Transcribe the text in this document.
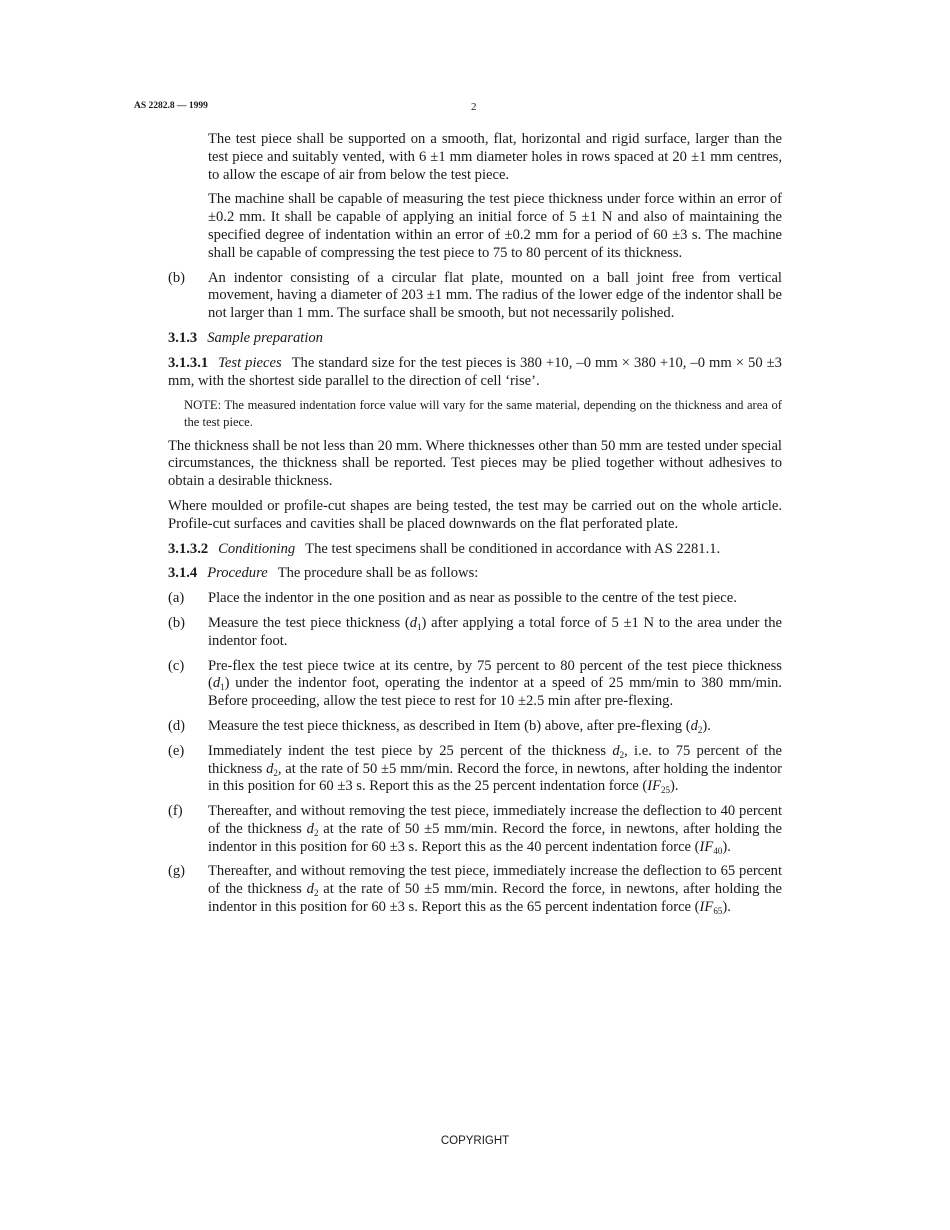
AS 2282.8 — 1999	2

The test piece shall be supported on a smooth, flat, horizontal and rigid surface, larger than the test piece and suitably vented, with 6 ±1 mm diameter holes in rows spaced at 20 ±1 mm centres, to allow the escape of air from below the test piece.

The machine shall be capable of measuring the test piece thickness under force within an error of ±0.2 mm. It shall be capable of applying an initial force of 5 ±1 N and also of maintaining the specified degree of indentation within an error of ±0.2 mm for a period of 60 ±3 s. The machine shall be capable of compressing the test piece to 75 to 80 percent of its thickness.

(b)	An indentor consisting of a circular flat plate, mounted on a ball joint free from vertical movement, having a diameter of 203 ±1 mm. The radius of the lower edge of the indentor shall be not larger than 1 mm. The surface shall be smooth, but not necessarily polished.

3.1.3 Sample preparation

3.1.3.1 Test pieces The standard size for the test pieces is 380 +10, –0 mm × 380 +10, –0 mm × 50 ±3 mm, with the shortest side parallel to the direction of cell ‘rise’.

NOTE: The measured indentation force value will vary for the same material, depending on the thickness and area of the test piece.

The thickness shall be not less than 20 mm. Where thicknesses other than 50 mm are tested under special circumstances, the thickness shall be reported. Test pieces may be plied together without adhesives to obtain a desirable thickness.

Where moulded or profile-cut shapes are being tested, the test may be carried out on the whole article. Profile-cut surfaces and cavities shall be placed downwards on the flat perforated plate.

3.1.3.2 Conditioning The test specimens shall be conditioned in accordance with AS 2281.1.

3.1.4 Procedure The procedure shall be as follows:

(a)	Place the indentor in the one position and as near as possible to the centre of the test piece.
(b)	Measure the test piece thickness $(d_1)$ after applying a total force of 5 ±1 N to the area under the indentor foot.
(c)	Pre-flex the test piece twice at its centre, by 75 percent to 80 percent of the test piece thickness $(d_1)$ under the indentor foot, operating the indentor at a speed of 25 mm/min to 380 mm/min. Before proceeding, allow the test piece to rest for 10 ±2.5 min after pre-flexing.
(d)	Measure the test piece thickness, as described in Item (b) above, after pre-flexing $(d_2)$.
(e)	Immediately indent the test piece by 25 percent of the thickness $d_2$, i.e. to 75 percent of the thickness $d_2$, at the rate of 50 ±5 mm/min. Record the force, in newtons, after holding the indentor in this position for 60 ±3 s. Report this as the 25 percent indentation force $(IF_{25})$.
(f)	Thereafter, and without removing the test piece, immediately increase the deflection to 40 percent of the thickness $d_2$ at the rate of 50 ±5 mm/min. Record the force, in newtons, after holding the indentor in this position for 60 ±3 s. Report this as the 40 percent indentation force $(IF_{40})$.
(g)	Thereafter, and without removing the test piece, immediately increase the deflection to 65 percent of the thickness $d_2$ at the rate of 50 ±5 mm/min. Record the force, in newtons, after holding the indentor in this position for 60 ±3 s. Report this as the 65 percent indentation force $(IF_{65})$.
COPYRIGHT
